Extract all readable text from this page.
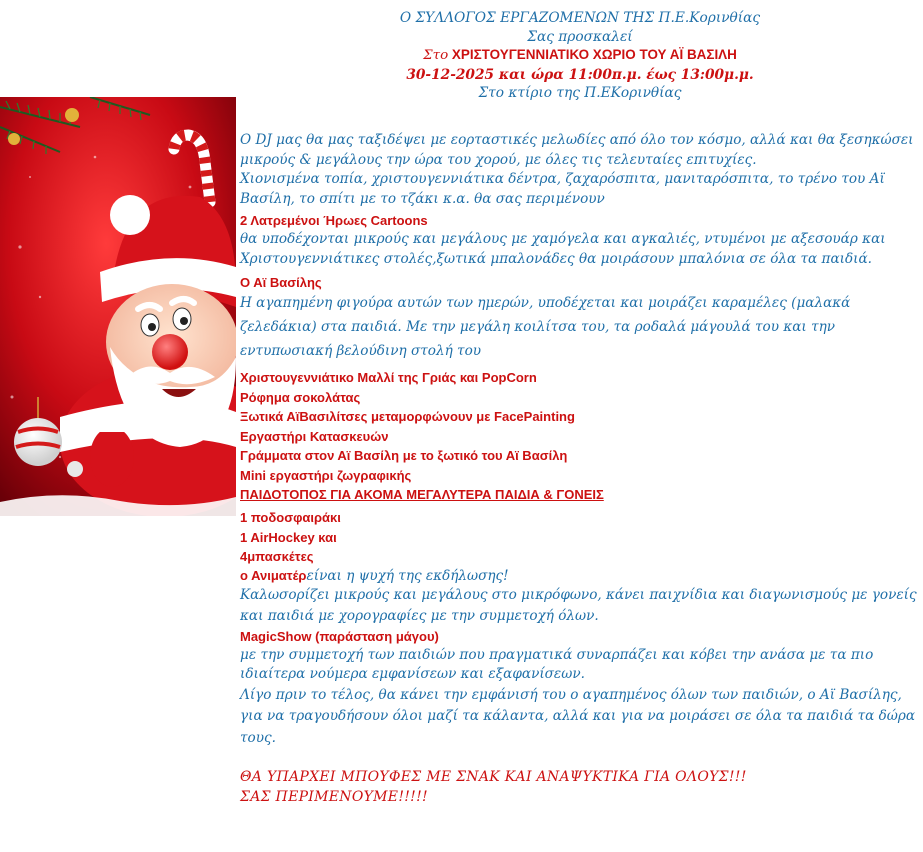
Ο ΣΥΛΛΟΓΟΣ ΕΡΓΑΖΟΜΕΝΩΝ ΤΗΣ Π.Ε.Κορινθίας
Σας προσκαλεί
Στο ΧΡΙΣΤΟΥΓΕΝΝΙΑΤΙΚΟ ΧΩΡΙΟ ΤΟΥ ΑΪ ΒΑΣΙΛΗ
30-12-2025 και ώρα 11:00π.μ. έως 13:00μ.μ.
Στο κτίριο της Π.ΕΚορινθίας
Ο DJ μας θα μας ταξιδέψει με εορταστικές μελωδίες από όλο τον κόσμο, αλλά και θα ξεσηκώσει
μικρούς & μεγάλους την ώρα του χορού, με όλες τις τελευταίες επιτυχίες.
Χιονισμένα τοπία, χριστουγεννιάτικα δέντρα, ζαχαρόσπιτα, μανιταρόσπιτα, το τρένο του Αϊ
Βασίλη, το σπίτι με το τζάκι κ.α. θα σας περιμένουν
2 Λατρεμένοι Ήρωες Cartoons
θα υποδέχονται μικρούς και μεγάλους με χαμόγελα και αγκαλιές, ντυμένοι με αξεσουάρ και
Χριστουγεννιάτικες στολές,ξωτικά μπαλονάδες θα μοιράσουν μπαλόνια σε όλα τα παιδιά.
Ο Αϊ Βασίλης
Η αγαπημένη φιγούρα αυτών των ημερών, υποδέχεται και μοιράζει καραμέλες (μαλακά
ζελεδάκια) στα παιδιά. Με την μεγάλη κοιλίτσα του, τα ροδαλά μάγουλά του και την
εντυπωσιακή βελούδινη στολή του
Χριστουγεννιάτικο Μαλλί της Γριάς και PopCorn
Ρόφημα σοκολάτας
Ξωτικά ΑϊΒασιλίτσες μεταμορφώνουν με FacePainting
Εργαστήρι Κατασκευών
Γράμματα στον Αϊ Βασίλη με το ξωτικό του Αϊ Βασίλη
Mini εργαστήρι ζωγραφικής
ΠΑΙΔΟΤΟΠΟΣ ΓΙΑ ΑΚΟΜΑ ΜΕΓΑΛΥΤΕΡΑ ΠΑΙΔΙΑ & ΓΟΝΕΙΣ
1 ποδοσφαιράκι
1 AirHockey και
4μπασκέτες
ο Ανιματέρείναι η ψυχή της εκδήλωσης!
Καλωσορίζει μικρούς και μεγάλους στο μικρόφωνο, κάνει παιχνίδια και διαγωνισμούς με γονείς
και παιδιά με χορογραφίες με την συμμετοχή όλων.
MagicShow (παράσταση μάγου)
με την συμμετοχή των παιδιών που πραγματικά συναρπάζει και κόβει την ανάσα με τα πιο
ιδιαίτερα νούμερα εμφανίσεων και εξαφανίσεων.
Λίγο πριν το τέλος, θα κάνει την εμφάνισή του ο αγαπημένος όλων των παιδιών, ο Αϊ Βασίλης,
για να τραγουδήσουν όλοι μαζί τα κάλαντα, αλλά και για να μοιράσει σε όλα τα παιδιά τα δώρα
τους.
ΘΑ ΥΠΑΡΧΕΙ ΜΠΟΥΦΕΣ ΜΕ ΣΝΑΚ ΚΑΙ ΑΝΑΨΥΚΤΙΚΑ ΓΙΑ ΟΛΟΥΣ!!!
ΣΑΣ ΠΕΡΙΜΕΝΟΥΜΕ!!!!!
